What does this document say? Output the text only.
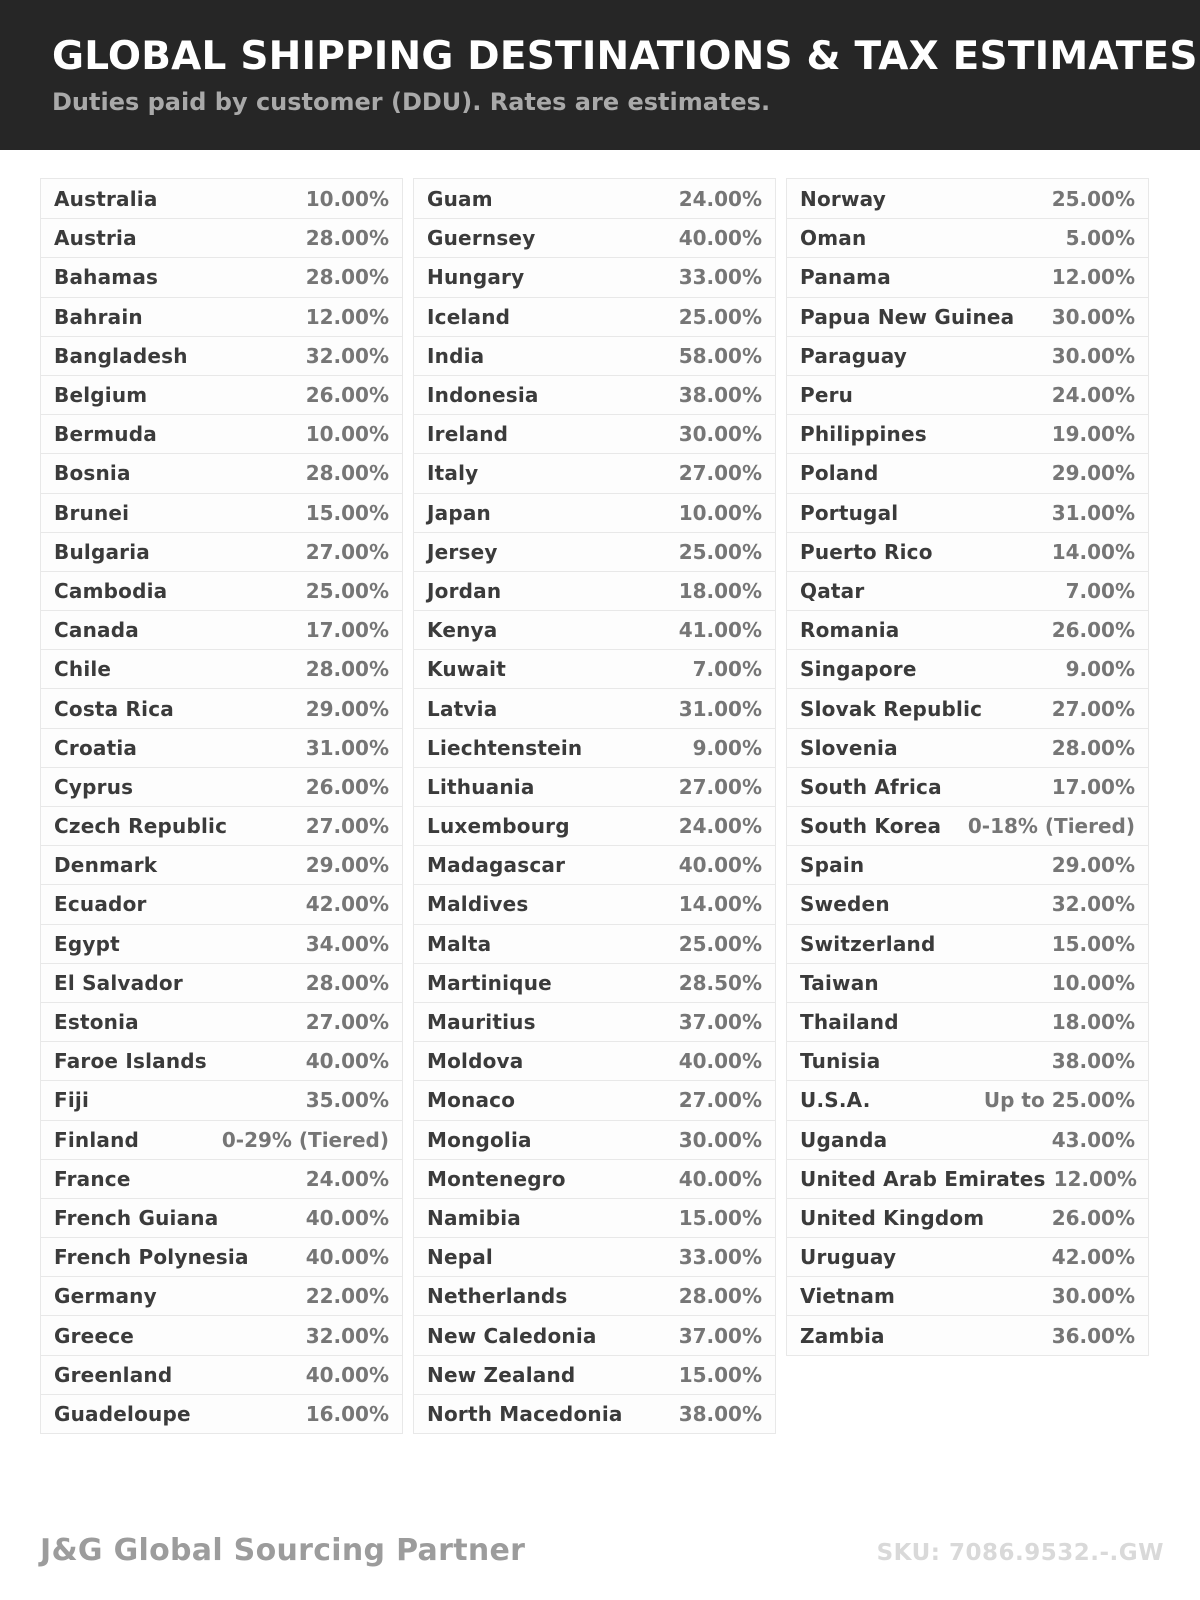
GLOBAL SHIPPING DESTINATIONS & TAX ESTIMATES

Duties paid by customer (DDU). Rates are estimates.

Australia	10.00%
Austria	28.00%
Bahamas	28.00%
Bahrain	12.00%
Bangladesh	32.00%
Belgium	26.00%
Bermuda	10.00%
Bosnia	28.00%
Brunei	15.00%
Bulgaria	27.00%
Cambodia	25.00%
Canada	17.00%
Chile	28.00%
Costa Rica	29.00%
Croatia	31.00%
Cyprus	26.00%
Czech Republic	27.00%
Denmark	29.00%
Ecuador	42.00%
Egypt	34.00%
El Salvador	28.00%
Estonia	27.00%
Faroe Islands	40.00%
Fiji	35.00%
Finland	0-29% (Tiered)
France	24.00%
French Guiana	40.00%
French Polynesia	40.00%
Germany	22.00%
Greece	32.00%
Greenland	40.00%
Guadeloupe	16.00%
Guam	24.00%
Guernsey	40.00%
Hungary	33.00%
Iceland	25.00%
India	58.00%
Indonesia	38.00%
Ireland	30.00%
Italy	27.00%
Japan	10.00%
Jersey	25.00%
Jordan	18.00%
Kenya	41.00%
Kuwait	7.00%
Latvia	31.00%
Liechtenstein	9.00%
Lithuania	27.00%
Luxembourg	24.00%
Madagascar	40.00%
Maldives	14.00%
Malta	25.00%
Martinique	28.50%
Mauritius	37.00%
Moldova	40.00%
Monaco	27.00%
Mongolia	30.00%
Montenegro	40.00%
Namibia	15.00%
Nepal	33.00%
Netherlands	28.00%
New Caledonia	37.00%
New Zealand	15.00%
North Macedonia	38.00%
Norway	25.00%
Oman	5.00%
Panama	12.00%
Papua New Guinea 30.00%
Paraguay	30.00%
Peru	24.00%
Philippines	19.00%
Poland	29.00%
Portugal	31.00%
Puerto Rico	14.00%
Qatar	7.00%
Romania	26.00%
Singapore	9.00%
Slovak Republic	27.00%
Slovenia	28.00%
South Africa	17.00%
South Korea 0-18% (Tiered)
Spain	29.00%
Sweden	32.00%
Switzerland	15.00%
Taiwan	10.00%
Thailand	18.00%
Tunisia	38.00%
U.S.A.	Up to 25.00%
Uganda	43.00%
United Arab Emirates 12.00%
United Kingdom	26.00%
Uruguay	42.00%
Vietnam	30.00%
Zambia	36.00%
J&G Global Sourcing Partner	SKU: 7086.9532.-.GW
